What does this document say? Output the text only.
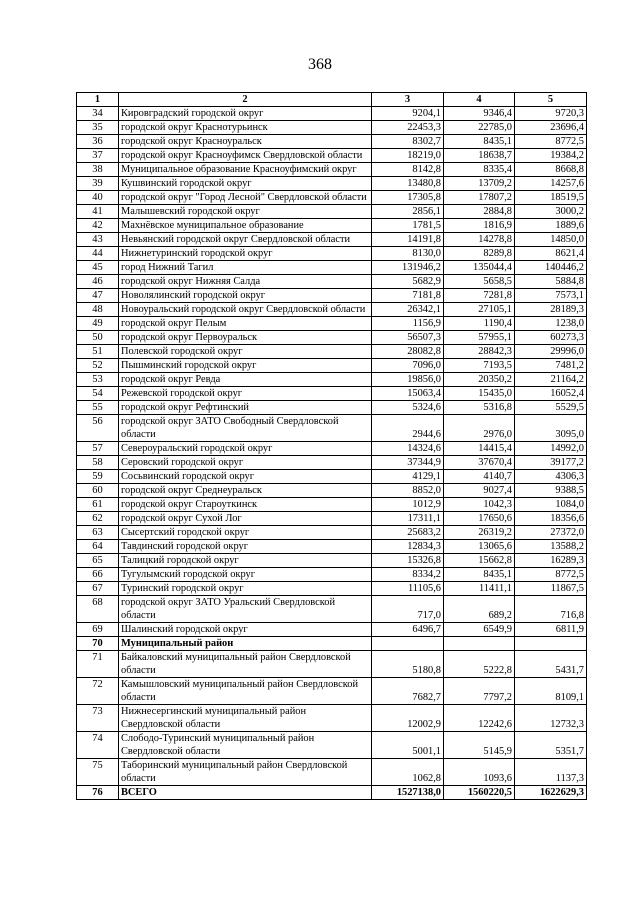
368
1	2	3	4	5
34	Кировградский городской округ	9204,1	9346,4	9720,3
35	городской округ Краснотурьинск	22453,3	22785,0	23696,4
36	городской округ Красноуральск	8302,7	8435,1	8772,5
37	городской округ Красноуфимск Свердловской области	18219,0	18638,7	19384,2
38	Муниципальное образование Красноуфимский округ	8142,8	8335,4	8668,8
39	Кушвинский городской округ	13480,8	13709,2	14257,6
40	городской округ "Город Лесной" Свердловской области	17305,8	17807,2	18519,5
41	Малышевский городской округ	2856,1	2884,8	3000,2
42	Махнёвское муниципальное образование	1781,5	1816,9	1889,6
43	Невьянский городской округ Свердловской области	14191,8	14278,8	14850,0
44	Нижнетуринский городской округ	8130,0	8289,8	8621,4
45	город Нижний Тагил	131946,2	135044,4	140446,2
46	городской округ Нижняя Салда	5682,9	5658,5	5884,8
47	Новолялинский городской округ	7181,8	7281,8	7573,1
48	Новоуральский городской округ Свердловской области	26342,1	27105,1	28189,3
49	городской округ Пелым	1156,9	1190,4	1238,0
50	городской округ Первоуральск	56507,3	57955,1	60273,3
51	Полевской городской округ	28082,8	28842,3	29996,0
52	Пышминский городской округ	7096,0	7193,5	7481,2
53	городской округ Ревда	19856,0	20350,2	21164,2
54	Режевской городской округ	15063,4	15435,0	16052,4
55	городской округ Рефтинский	5324,6	5316,8	5529,5
56	городской округ ЗАТО Свободный Свердловской области	2944,6	2976,0	3095,0
57	Североуральский городской округ	14324,6	14415,4	14992,0
58	Серовский городской округ	37344,9	37670,4	39177,2
59	Сосьвинский городской округ	4129,1	4140,7	4306,3
60	городской округ Среднеуральск	8852,0	9027,4	9388,5
61	городской округ Староуткинск	1012,9	1042,3	1084,0
62	городской округ Сухой Лог	17311,1	17650,6	18356,6
63	Сысертский городской округ	25683,2	26319,2	27372,0
64	Тавдинский городской округ	12834,3	13065,6	13588,2
65	Талицкий городской округ	15326,8	15662,8	16289,3
66	Тугулымский городской округ	8334,2	8435,1	8772,5
67	Туринский городской округ	11105,6	11411,1	11867,5
68	городской округ ЗАТО Уральский Свердловской области	717,0	689,2	716,8
69	Шалинский городской округ	6496,7	6549,9	6811,9
70	Муниципальный район			
71	Байкаловский муниципальный район Свердловской области	5180,8	5222,8	5431,7
72	Камышловский муниципальный район Свердловской области	7682,7	7797,2	8109,1
73	Нижнесергинский муниципальный район Свердловской области	12002,9	12242,6	12732,3
74	Слободо-Туринский муниципальный район Свердловской области	5001,1	5145,9	5351,7
75	Таборинский муниципальный район Свердловской области	1062,8	1093,6	1137,3
76	ВСЕГО	1527138,0	1560220,5	1622629,3
